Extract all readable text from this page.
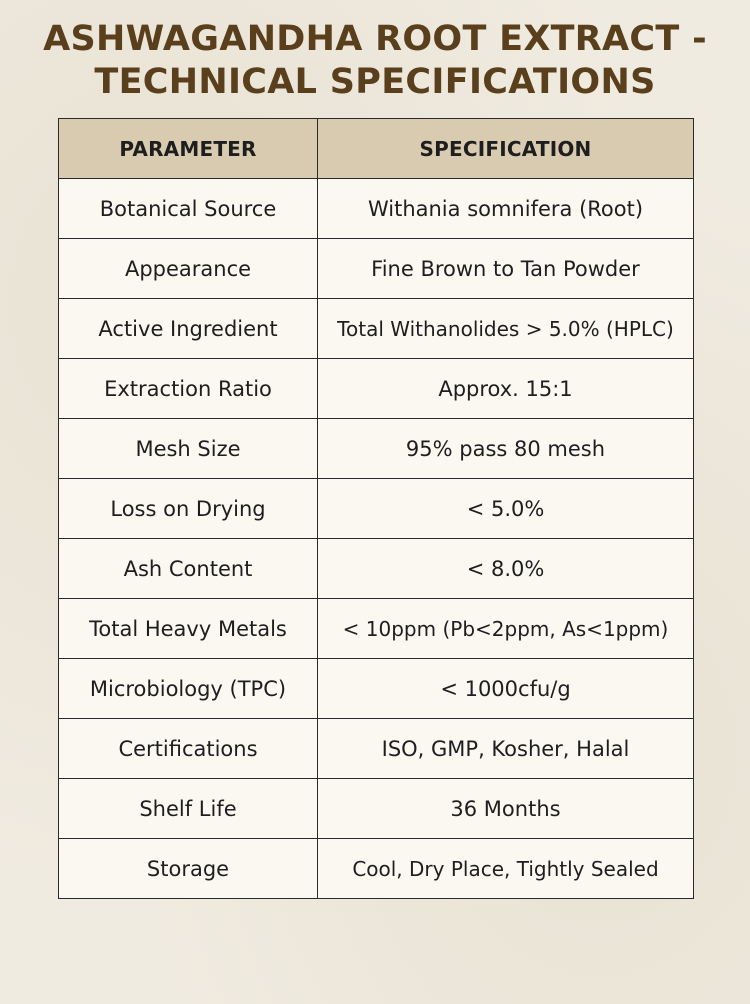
ASHWAGANDHA ROOT EXTRACT -
TECHNICAL SPECIFICATIONS
PARAMETER	SPECIFICATION
Botanical Source	Withania somnifera (Root)
Appearance	Fine Brown to Tan Powder
Active Ingredient	Total Withanolides > 5.0% (HPLC)
Extraction Ratio	Approx. 15:1
Mesh Size	95% pass 80 mesh
Loss on Drying	< 5.0%
Ash Content	< 8.0%
Total Heavy Metals	< 10ppm (Pb<2ppm, As<1ppm)
Microbiology (TPC)	< 1000cfu/g
Certifications	ISO, GMP, Kosher, Halal
Shelf Life	36 Months
Storage	Cool, Dry Place, Tightly Sealed
